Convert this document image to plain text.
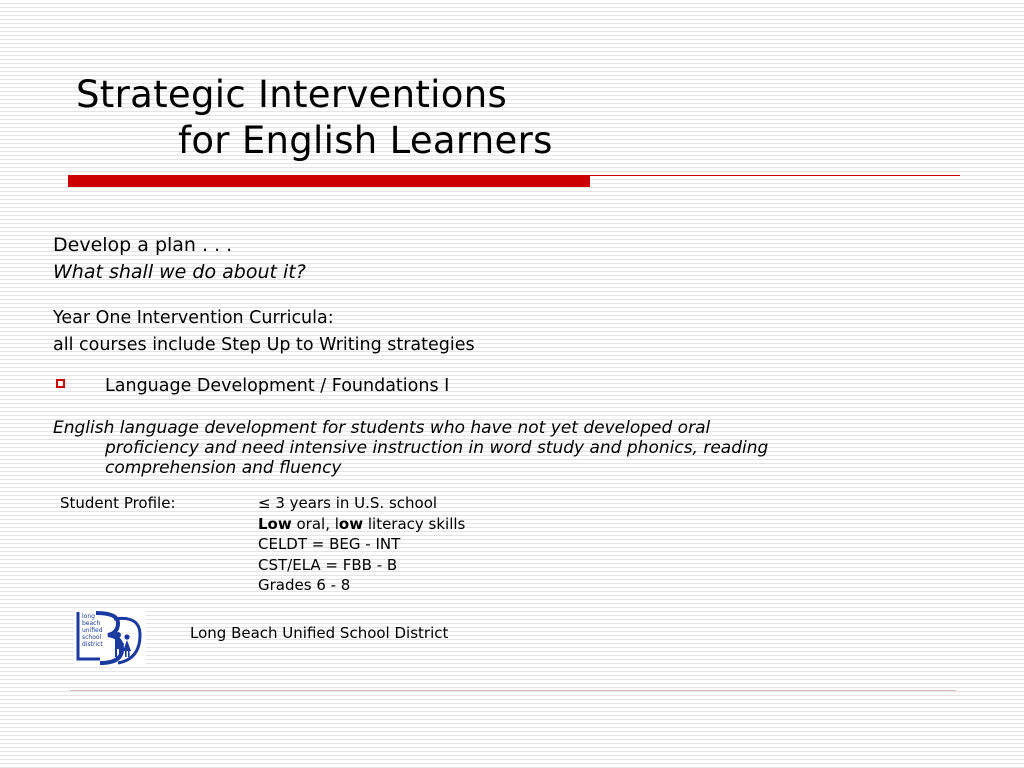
Strategic Interventions
for English Learners
Develop a plan . . .
What shall we do about it?
Year One Intervention Curricula:
all courses include Step Up to Writing strategies
Language Development / Foundations I
English language development for students who have not yet developed oral
proficiency and need intensive instruction in word study and phonics, reading
comprehension and fluency
Student Profile:	≤ 3 years in U.S. school
Low oral, low literacy skills
CELDT = BEG - INT
CST/ELA = FBB - B
Grades 6 - 8
long
beach
unified
school
district
Long Beach Unified School District
